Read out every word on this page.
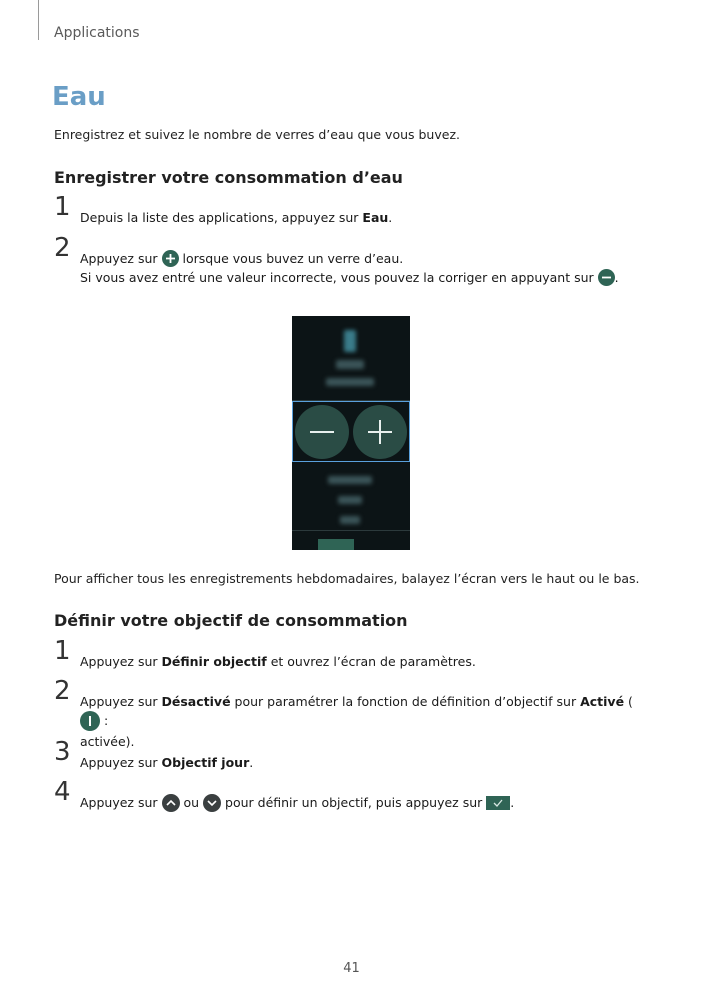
Applications
Eau
Enregistrez et suivez le nombre de verres d’eau que vous buvez.
Enregistrer votre consommation d’eau
1 Depuis la liste des applications, appuyez sur Eau.
2 Appuyez sur  lorsque vous buvez un verre d’eau.
Si vous avez entré une valeur incorrecte, vous pouvez la corriger en appuyant sur .
Pour afficher tous les enregistrements hebdomadaires, balayez l’écran vers le haut ou le bas.
Définir votre objectif de consommation
1 Appuyez sur Définir objectif et ouvrez l’écran de paramètres.
2 Appuyez sur Désactivé pour paramétrer la fonction de définition d’objectif sur Activé ( :
activée).
3 Appuyez sur Objectif jour.
4 Appuyez sur  ou  pour définir un objectif, puis appuyez sur .
41
